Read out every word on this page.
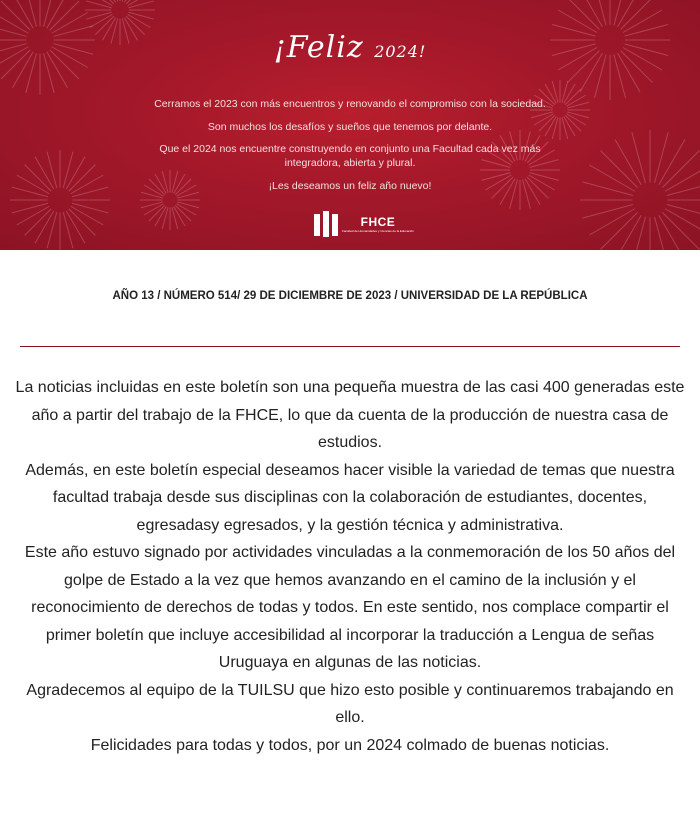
¡Feliz 2024!

Cerramos el 2023 con más encuentros y renovando el compromiso con la sociedad.

Son muchos los desafíos y sueños que tenemos por delante.

Que el 2024 nos encuentre construyendo en conjunto una Facultad cada vez más

integradora, abierta y plural.

¡Les deseamos un feliz año nuevo!

FHCE
Facultad de Humanidades y Ciencias de la Educación
AÑO 13 / NÚMERO 514/ 29 DE DICIEMBRE DE 2023 / UNIVERSIDAD DE LA REPÚBLICA

La noticias incluidas en este boletín son una pequeña muestra de las casi 400 generadas este año a partir del trabajo de la FHCE, lo que da cuenta de la producción de nuestra casa de estudios.

Además, en este boletín especial deseamos hacer visible la variedad de temas que nuestra facultad trabaja desde sus disciplinas con la colaboración de estudiantes, docentes, egresadasy egresados, y la gestión técnica y administrativa.

Este año estuvo signado por actividades vinculadas a la conmemoración de los 50 años del golpe de Estado a la vez que hemos avanzando en el camino de la inclusión y el reconocimiento de derechos de todas y todos. En este sentido, nos complace compartir el primer boletín que incluye accesibilidad al incorporar la traducción a Lengua de señas Uruguaya en algunas de las noticias.

Agradecemos al equipo de la TUILSU que hizo esto posible y continuaremos trabajando en ello.

Felicidades para todas y todos, por un 2024 colmado de buenas noticias.
